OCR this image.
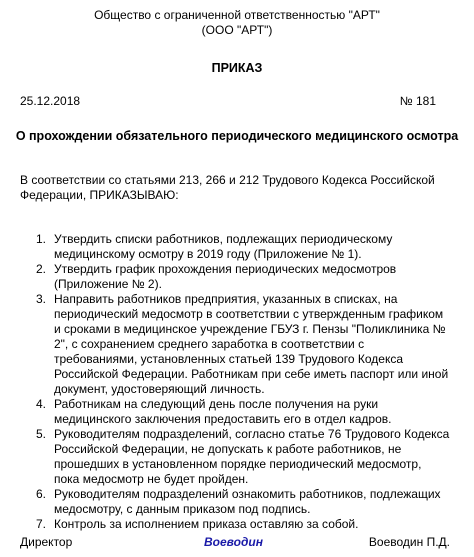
Общество с ограниченной ответственностью "АРТ"
(ООО "АРТ")
ПРИКАЗ
25.12.2018	№ 181
О прохождении обязательного периодического медицинского осмотра
В соответствии со статьями 213, 266 и 212 Трудового Кодекса Российской Федерации, ПРИКАЗЫВАЮ:
1. Утвердить списки работников, подлежащих периодическому медицинскому осмотру в 2019 году (Приложение № 1).
2. Утвердить график прохождения периодических медосмотров (Приложение № 2).
3. Направить работников предприятия, указанных в списках, на периодический медосмотр в соответствии с утвержденным графиком и сроками в медицинское учреждение ГБУЗ г. Пензы "Поликлиника № 2", с сохранением среднего заработка в соответствии с требованиями, установленных статьей 139 Трудового Кодекса Российской Федерации. Работникам при себе иметь паспорт или иной документ, удостоверяющий личность.
4. Работникам на следующий день после получения на руки медицинского заключения предоставить его в отдел кадров.
5. Руководителям подразделений, согласно статье 76 Трудового Кодекса Российской Федерации, не допускать к работе работников, не прошедших в установленном порядке периодический медосмотр, пока медосмотр не будет пройден.
6. Руководителям подразделений ознакомить работников, подлежащих медосмотру, с данным приказом под подпись.
7. Контроль за исполнением приказа оставляю за собой.
Директор	Воеводин	Воеводин П.Д.
